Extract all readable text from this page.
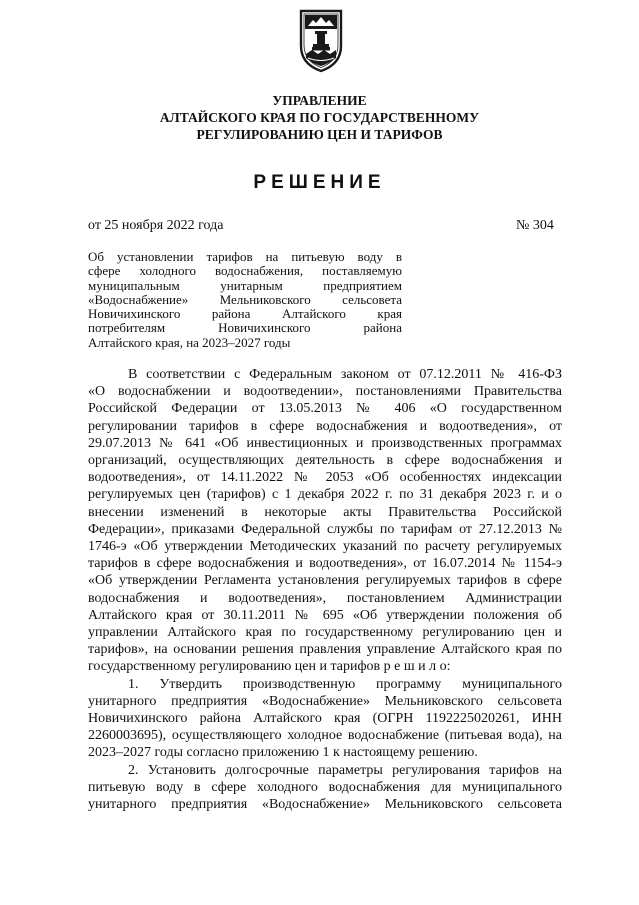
УПРАВЛЕНИЕ
АЛТАЙСКОГО КРАЯ ПО ГОСУДАРСТВЕННОМУ
РЕГУЛИРОВАНИЮ ЦЕН И ТАРИФОВ
РЕШЕНИЕ
от 25 ноября 2022 года	№ 304
Об установлении тарифов на питьевую воду в
сфере холодного водоснабжения, поставляемую
муниципальным унитарным предприятием
«Водоснабжение» Мельниковского сельсовета
Новичихинского района Алтайского края
потребителям Новичихинского района
Алтайского края, на 2023–2027 годы
В соответствии с Федеральным законом от 07.12.2011 № 416-ФЗ
«О водоснабжении и водоотведении», постановлениями Правительства
Российской Федерации от 13.05.2013 № 406 «О государственном
регулировании тарифов в сфере водоснабжения и водоотведения», от
29.07.2013 № 641 «Об инвестиционных и производственных программах
организаций, осуществляющих деятельность в сфере водоснабжения и
водоотведения», от 14.11.2022 № 2053 «Об особенностях индексации
регулируемых цен (тарифов) с 1 декабря 2022 г. по 31 декабря 2023 г. и о
внесении изменений в некоторые акты Правительства Российской
Федерации», приказами Федеральной службы по тарифам от 27.12.2013 №
1746-э «Об утверждении Методических указаний по расчету регулируемых
тарифов в сфере водоснабжения и водоотведения», от 16.07.2014 № 1154-э
«Об утверждении Регламента установления регулируемых тарифов в сфере
водоснабжения и водоотведения», постановлением Администрации
Алтайского края от 30.11.2011 № 695 «Об утверждении положения об
управлении Алтайского края по государственному регулированию цен и
тарифов», на основании решения правления управление Алтайского края по
государственному регулированию цен и тарифов р е ш и л о:
1. Утвердить производственную программу муниципального
унитарного предприятия «Водоснабжение» Мельниковского сельсовета
Новичихинского района Алтайского края (ОГРН 1192225020261, ИНН
2260003695), осуществляющего холодное водоснабжение (питьевая вода), на
2023–2027 годы согласно приложению 1 к настоящему решению.
2. Установить долгосрочные параметры регулирования тарифов на
питьевую воду в сфере холодного водоснабжения для муниципального
унитарного предприятия «Водоснабжение» Мельниковского сельсовета
